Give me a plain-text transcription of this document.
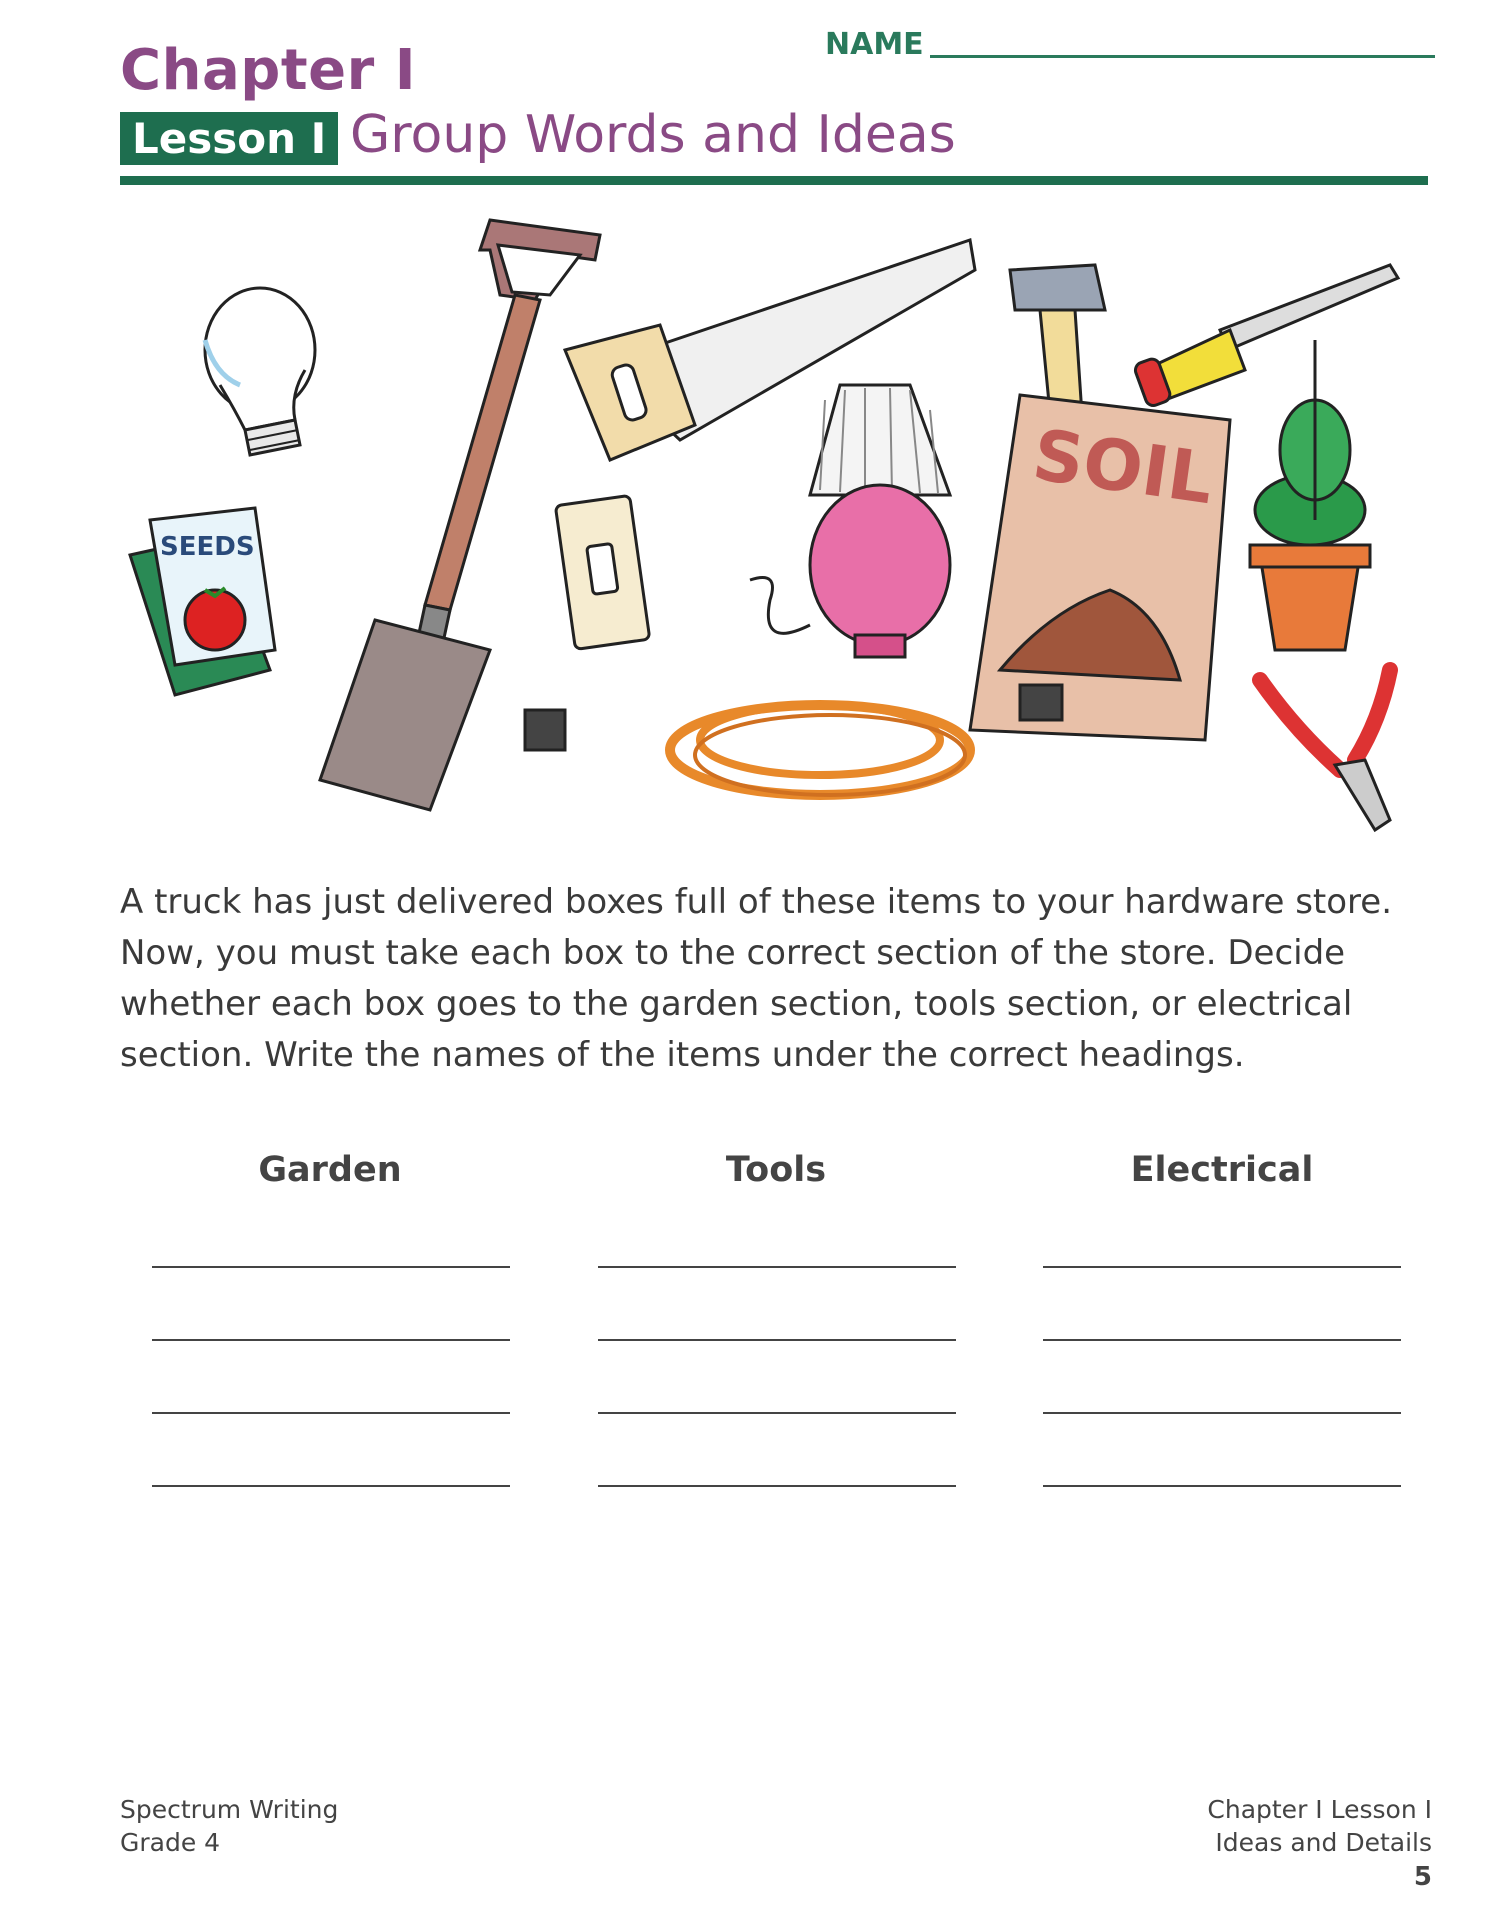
Chapter I	NAME
Lesson I Group Words and Ideas
SEEDS
SOIL
A truck has just delivered boxes full of these items to your hardware store. Now, you must take each box to the correct section of the store. Decide whether each box goes to the garden section, tools section, or electrical section. Write the names of the items under the correct headings.
Garden	Tools	Electrical
Spectrum Writing
Grade 4
Chapter I Lesson I
Ideas and Details
5
